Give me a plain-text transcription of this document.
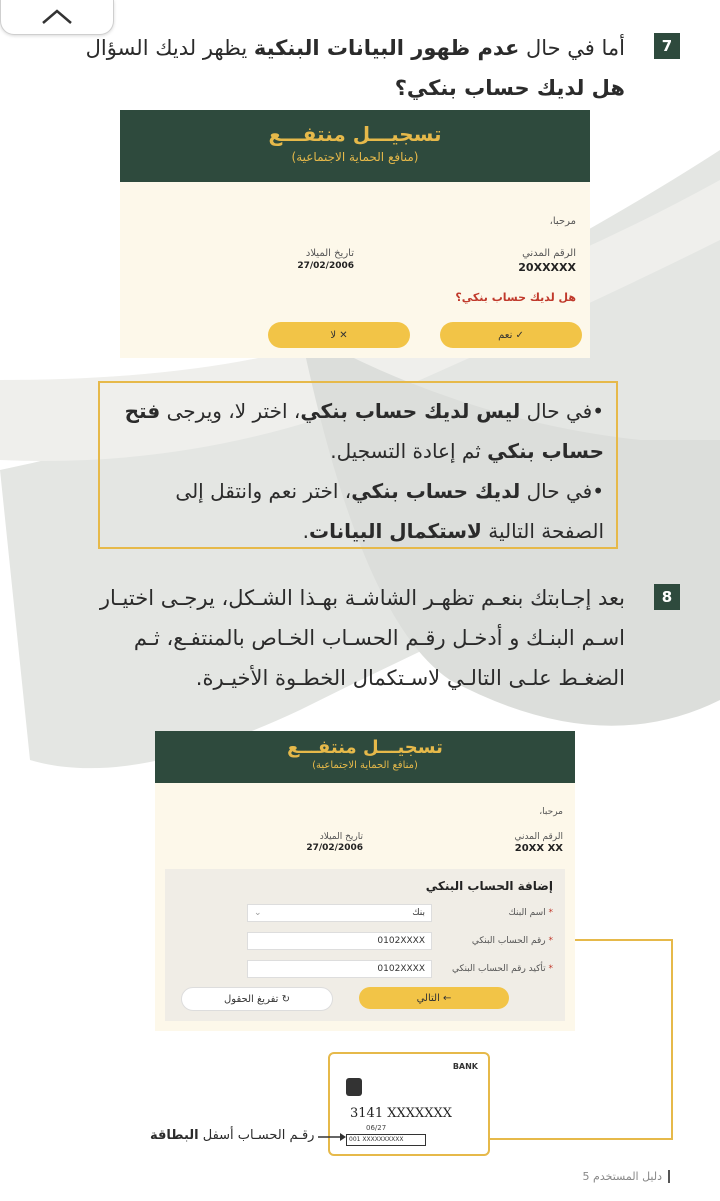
7
أما في حال عدم ظهور البيانات البنكية يظهر لديك السؤال
هل لديك حساب بنكي؟
تسجيـــل منتفـــع
(منافع الحماية الاجتماعية)
مرحبا،
الرقم المدني
20XXXXX
تاريخ الميلاد
27/02/2006
هل لديك حساب بنكي؟
✓ نعم
✕ لا

•في حال ليس لديك حساب بنكي، اختر لا، ويرجى فتح حساب بنكي ثم إعادة التسجيل.

•في حال لديك حساب بنكي، اختر نعم وانتقل إلى الصفحة التالية لاستكمال البيانات.

8
بعد إجـابتك بنعـم تظهـر الشاشـة بهـذا الشـكل، يرجـى اختيـار اسـم البنـك و أدخـل رقـم الحسـاب الخـاص بالمنتفـع، ثـم الضغـط علـى التالـي لاسـتكمال الخطـوة الأخيـرة.
تسجيـــل منتفـــع
(منافع الحماية الاجتماعية)
مرحبا،
الرقم المدني
20XX XX
تاريخ الميلاد
27/02/2006
إضافة الحساب البنكي
* اسم البنك
بنك
⌄
* رقم الحساب البنكي
0102XXXX
* تأكيد رقم الحساب البنكي
0102XXXX
← التالي
↻ تفريغ الحقول
BANK
3141 XXXXXXX
06/27
001 XXXXXXXXXX
رقـم الحسـاب أسفل البطاقة
دليل المستخدم 5
